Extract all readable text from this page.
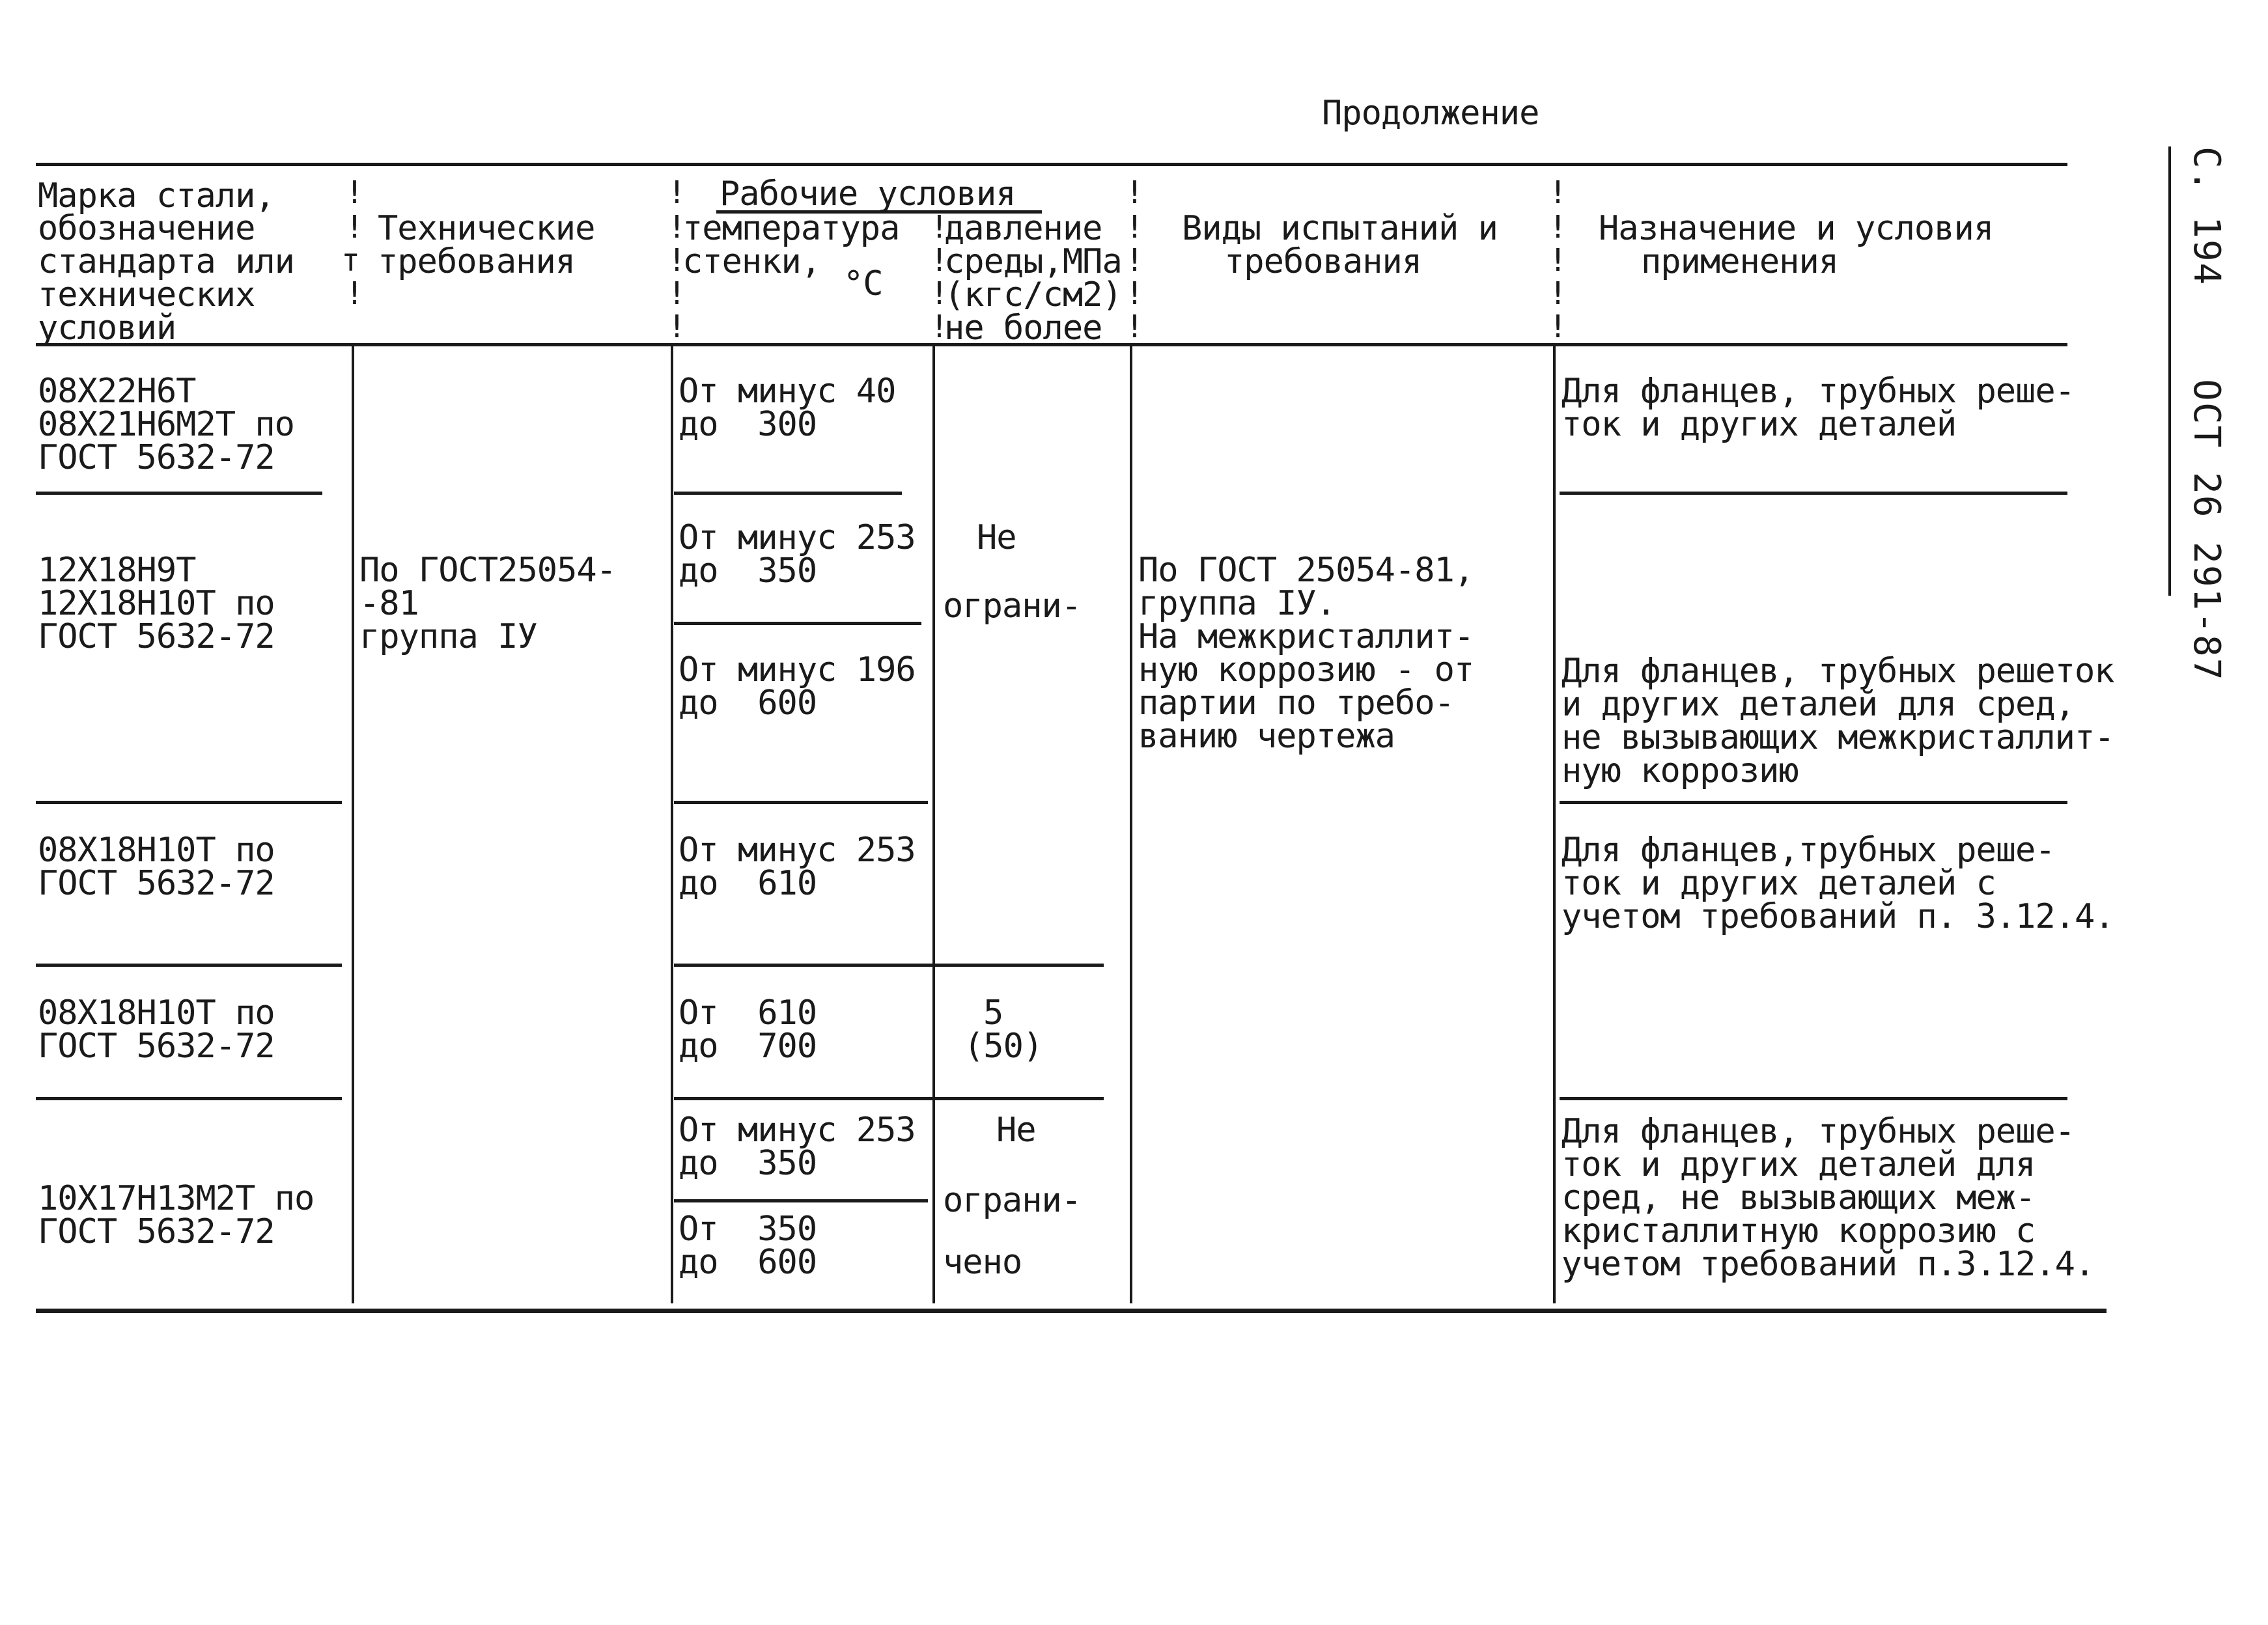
Продолжение
С. 194    ОСТ 26 291-87
Марка стали,
обозначение
стандарта или
технических
условий
Технические
требования
Рабочие условия
температура
стенки,
°С
давление
среды,МПа
(кгс/см2)
не более
Виды испытаний и
требования
Назначение и условия
применения
!
!
т
!
!
!
!
!
!
!
!
!
!
!
!
!
!
!
!
!
!
!
!
08Х22Н6Т
08Х21Н6М2Т по
ГОСТ 5632-72
От минус 40
до  300
Для фланцев, трубных реше-
ток и других деталей
12Х18Н9Т
12Х18Н10Т по
ГОСТ 5632-72
По ГОСТ25054-
-81
группа IУ
От минус 253
до  350
От минус 196
до  600
Не
ограни-
По ГОСТ 25054-81,
группа IУ.
На межкристаллит-
ную коррозию - от
партии по требо-
ванию чертежа
Для фланцев, трубных решеток
и других деталей для сред,
не вызывающих межкристаллит-
ную коррозию
08Х18Н10Т по
ГОСТ 5632-72
От минус 253
до  610
Для фланцев,трубных реше-
ток и других деталей с
учетом требований п. 3.12.4.
08Х18Н10Т по
ГОСТ 5632-72
От  610
до  700
5
(50)
10Х17Н13М2Т по
ГОСТ 5632-72
От минус 253
до  350
От  350
до  600
Не
ограни-
чено
Для фланцев, трубных реше-
ток и других деталей для
сред, не вызывающих меж-
кристаллитную коррозию с
учетом требований п.3.12.4.
